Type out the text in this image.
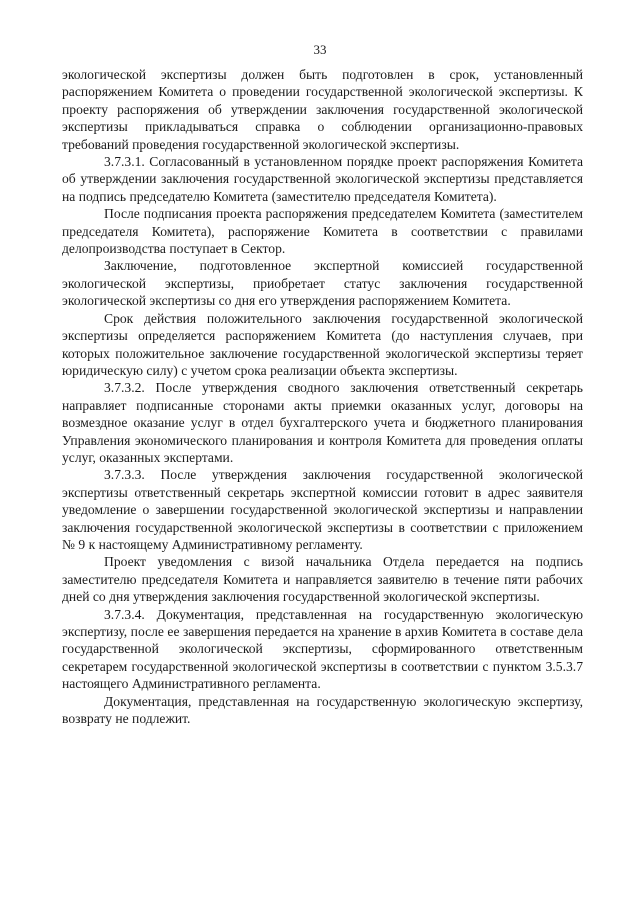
33

экологической экспертизы должен быть подготовлен в срок, установленный распоряжением Комитета о проведении государственной экологической экспертизы. К проекту распоряжения об утверждении заключения государственной экологической экспертизы прикладываться справка о соблюдении организационно-правовых требований проведения государственной экологической экспертизы.

3.7.3.1. Согласованный в установленном порядке проект распоряжения Комитета об утверждении заключения государственной экологической экспертизы представляется на подпись председателю Комитета (заместителю председателя Комитета).

После подписания проекта распоряжения председателем Комитета (заместителем председателя Комитета), распоряжение Комитета в соответствии с правилами делопроизводства поступает в Сектор.

Заключение, подготовленное экспертной комиссией государственной экологической экспертизы, приобретает статус заключения государственной экологической экспертизы со дня его утверждения распоряжением Комитета.

Срок действия положительного заключения государственной экологической экспертизы определяется распоряжением Комитета (до наступления случаев, при которых положительное заключение государственной экологической экспертизы теряет юридическую силу) с учетом срока реализации объекта экспертизы.

3.7.3.2. После утверждения сводного заключения ответственный секретарь направляет подписанные сторонами акты приемки оказанных услуг, договоры на возмездное оказание услуг в отдел бухгалтерского учета и бюджетного планирования Управления экономического планирования и контроля Комитета для проведения оплаты услуг, оказанных экспертами.

3.7.3.3. После утверждения заключения государственной экологической экспертизы ответственный секретарь экспертной комиссии готовит в адрес заявителя уведомление о завершении государственной экологической экспертизы и направлении заключения государственной экологической экспертизы в соответствии с приложением № 9 к настоящему Административному регламенту.

Проект уведомления с визой начальника Отдела передается на подпись заместителю председателя Комитета и направляется заявителю в течение пяти рабочих дней со дня утверждения заключения государственной экологической экспертизы.

3.7.3.4. Документация, представленная на государственную экологическую экспертизу, после ее завершения передается на хранение в архив Комитета в составе дела государственной экологической экспертизы, сформированного ответственным секретарем государственной экологической экспертизы в соответствии с пунктом 3.5.3.7 настоящего Административного регламента.

Документация, представленная на государственную экологическую экспертизу, возврату не подлежит.
